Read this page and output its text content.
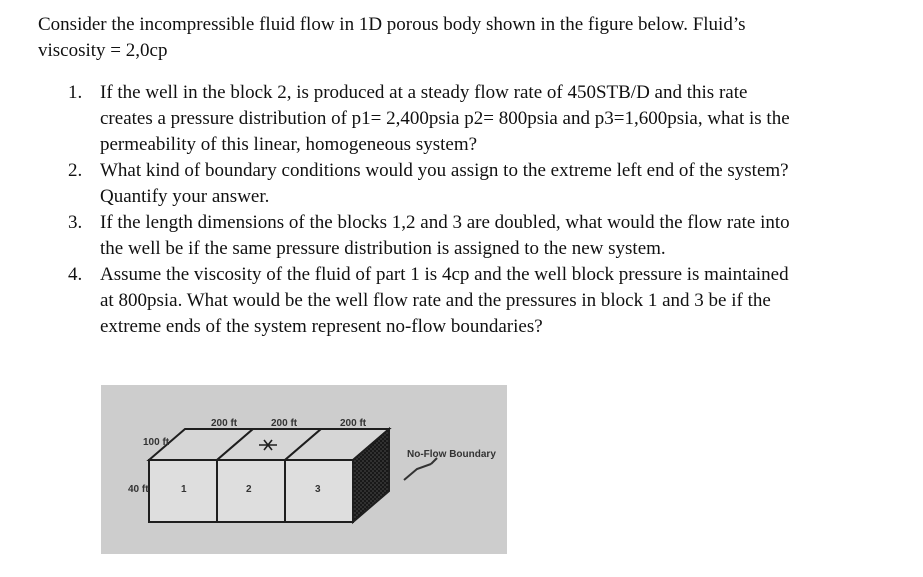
Consider the incompressible fluid flow in 1D porous body shown in the figure below. Fluid’s
viscosity = 2,0cp
1. If the well in the block 2, is produced at a steady flow rate of 450STB/D and this rate
creates a pressure distribution of p1= 2,400psia p2= 800psia and p3=1,600psia, what is the
permeability of this linear, homogeneous system?
2. What kind of boundary conditions would you assign to the extreme left end of the system?
Quantify your answer.
3. If the length dimensions of the blocks 1,2 and 3 are doubled, what would the flow rate into
the well be if the same pressure distribution is assigned to the new system.
4. Assume the viscosity of the fluid of part 1 is 4cp and the well block pressure is maintained
at 800psia. What would be the well flow rate and the pressures in block 1 and 3 be if the
extreme ends of the system represent no-flow boundaries?
200 ft	200 ft	200 ft
100 ft
40 ft	1	2	3
No-Flow Boundary
